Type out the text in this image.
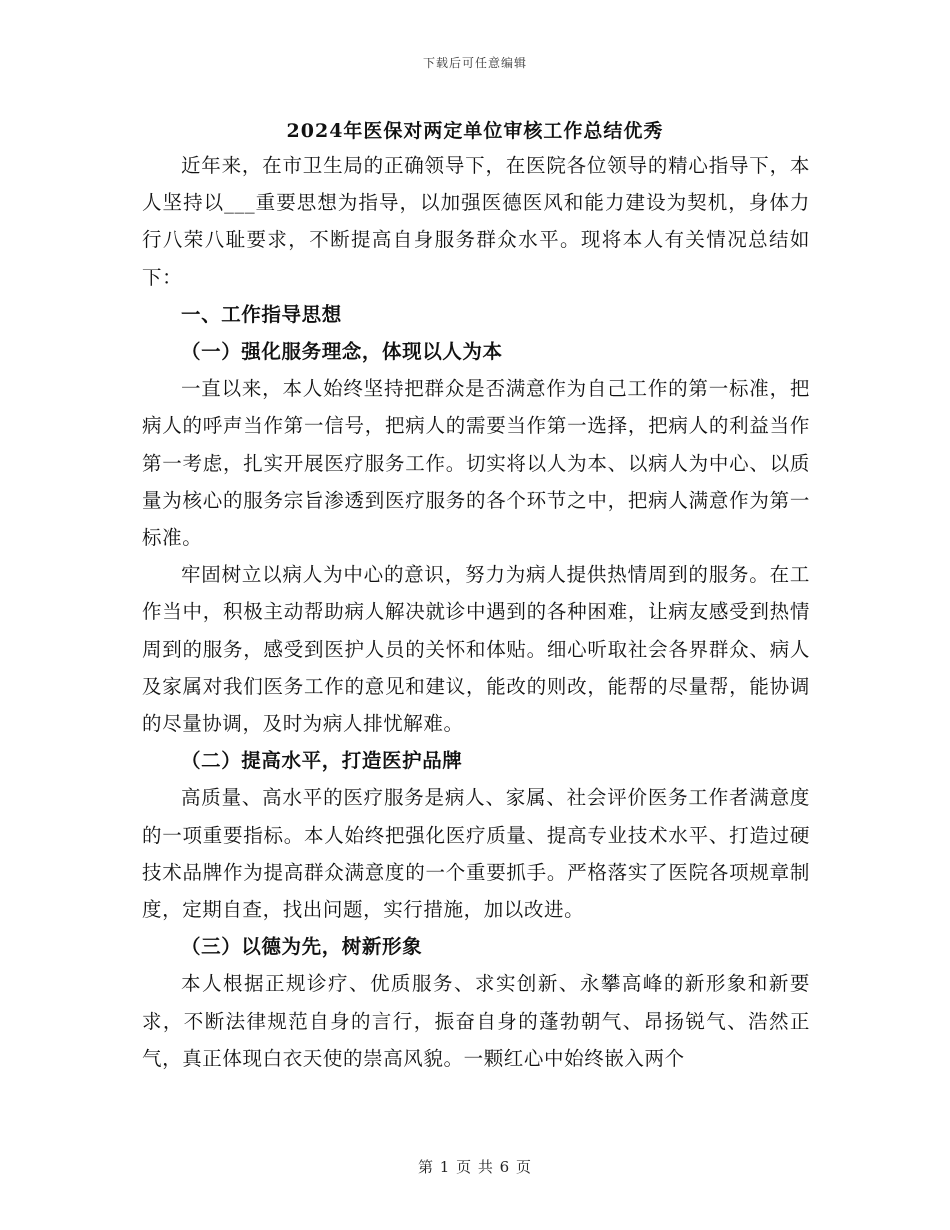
下载后可任意编辑
2024年医保对两定单位审核工作总结优秀

近年来，在市卫生局的正确领导下，在医院各位领导的精心指导下，本人坚持以___重要思想为指导，以加强医德医风和能力建设为契机，身体力行八荣八耻要求，不断提高自身服务群众水平。现将本人有关情况总结如下：

一、工作指导思想

（一）强化服务理念，体现以人为本

一直以来，本人始终坚持把群众是否满意作为自己工作的第一标准，把病人的呼声当作第一信号，把病人的需要当作第一选择，把病人的利益当作第一考虑，扎实开展医疗服务工作。切实将以人为本、以病人为中心、以质量为核心的服务宗旨渗透到医疗服务的各个环节之中，把病人满意作为第一标准。

牢固树立以病人为中心的意识，努力为病人提供热情周到的服务。在工作当中，积极主动帮助病人解决就诊中遇到的各种困难，让病友感受到热情周到的服务，感受到医护人员的关怀和体贴。细心听取社会各界群众、病人及家属对我们医务工作的意见和建议，能改的则改，能帮的尽量帮，能协调的尽量协调，及时为病人排忧解难。

（二）提高水平，打造医护品牌

高质量、高水平的医疗服务是病人、家属、社会评价医务工作者满意度的一项重要指标。本人始终把强化医疗质量、提高专业技术水平、打造过硬技术品牌作为提高群众满意度的一个重要抓手。严格落实了医院各项规章制度，定期自查，找出问题，实行措施，加以改进。

（三）以德为先，树新形象

本人根据正规诊疗、优质服务、求实创新、永攀高峰的新形象和新要求，不断法律规范自身的言行，振奋自身的蓬勃朝气、昂扬锐气、浩然正气，真正体现白衣天使的崇高风貌。一颗红心中始终嵌入两个

第 1 页 共 6 页
